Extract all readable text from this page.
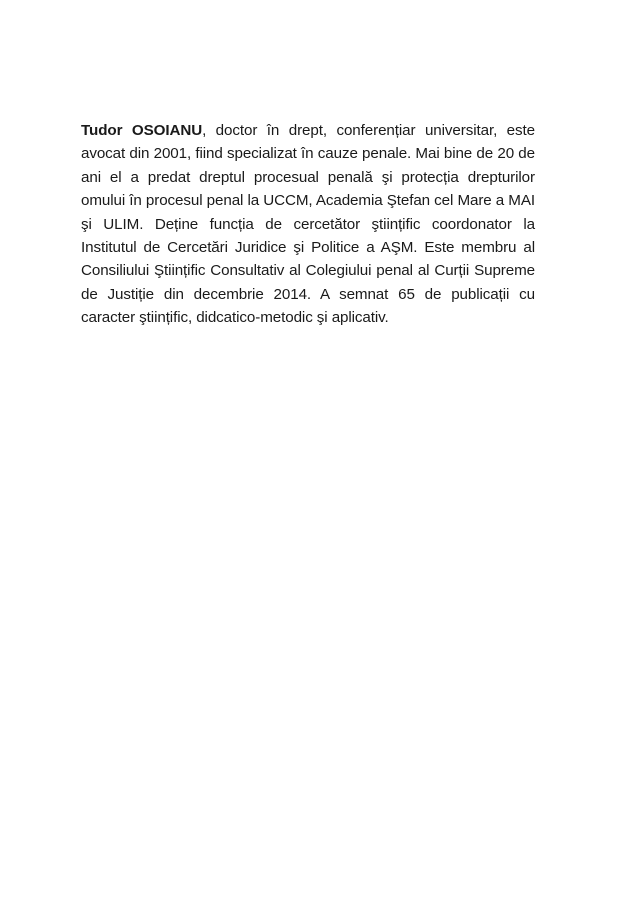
Tudor OSOIANU, doctor în drept, conferențiar universitar, este avocat din 2001, fiind specializat în cauze penale. Mai bine de 20 de ani el a predat dreptul procesual penală şi protecția drepturilor omului în procesul penal la UCCM, Academia Ştefan cel Mare a MAI şi ULIM. Deține funcția de cercetător ştiințific coordonator la Institutul de Cercetări Juridice şi Politice a AŞM. Este membru al Consiliului Ştiințific Consultativ al Colegiului penal al Curții Supreme de Justiție din decembrie 2014. A semnat 65 de publicații cu caracter ştiințific, didcatico-metodic şi aplicativ.
